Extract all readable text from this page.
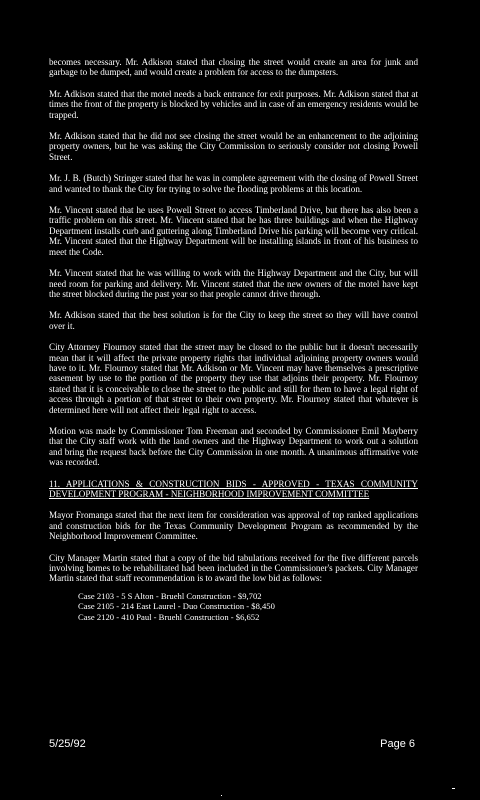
becomes necessary. Mr. Adkison stated that closing the street would create an area for junk and garbage to be dumped, and would create a problem for access to the dumpsters.

Mr. Adkison stated that the motel needs a back entrance for exit purposes. Mr. Adkison stated that at times the front of the property is blocked by vehicles and in case of an emergency residents would be trapped.

Mr. Adkison stated that he did not see closing the street would be an enhancement to the adjoining property owners, but he was asking the City Commission to seriously consider not closing Powell Street.

Mr. J. B. (Butch) Stringer stated that he was in complete agreement with the closing of Powell Street and wanted to thank the City for trying to solve the flooding problems at this location.

Mr. Vincent stated that he uses Powell Street to access Timberland Drive, but there has also been a traffic problem on this street. Mr. Vincent stated that he has three buildings and when the Highway Department installs curb and guttering along Timberland Drive his parking will become very critical. Mr. Vincent stated that the Highway Department will be installing islands in front of his business to meet the Code.

Mr. Vincent stated that he was willing to work with the Highway Department and the City, but will need room for parking and delivery. Mr. Vincent stated that the new owners of the motel have kept the street blocked during the past year so that people cannot drive through.

Mr. Adkison stated that the best solution is for the City to keep the street so they will have control over it.

City Attorney Flournoy stated that the street may be closed to the public but it doesn't necessarily mean that it will affect the private property rights that individual adjoining property owners would have to it. Mr. Flournoy stated that Mr. Adkison or Mr. Vincent may have themselves a prescriptive easement by use to the portion of the property they use that adjoins their property. Mr. Flournoy stated that it is conceivable to close the street to the public and still for them to have a legal right of access through a portion of that street to their own property. Mr. Flournoy stated that whatever is determined here will not affect their legal right to access.

Motion was made by Commissioner Tom Freeman and seconded by Commissioner Emil Mayberry that the City staff work with the land owners and the Highway Department to work out a solution and bring the request back before the City Commission in one month. A unanimous affirmative vote was recorded.

11. APPLICATIONS & CONSTRUCTION BIDS - APPROVED - TEXAS COMMUNITY DEVELOPMENT PROGRAM - NEIGHBORHOOD IMPROVEMENT COMMITTEE

Mayor Fromanga stated that the next item for consideration was approval of top ranked applications and construction bids for the Texas Community Development Program as recommended by the Neighborhood Improvement Committee.

City Manager Martin stated that a copy of the bid tabulations received for the five different parcels involving homes to be rehabilitated had been included in the Commissioner's packets. City Manager Martin stated that staff recommendation is to award the low bid as follows:

Case 2103 - 5 S Alton - Bruehl Construction - $9,702
Case 2105 - 214 East Laurel - Duo Construction - $8,450
Case 2120 - 410 Paul - Bruehl Construction - $6,652
5/25/92	Page 6
